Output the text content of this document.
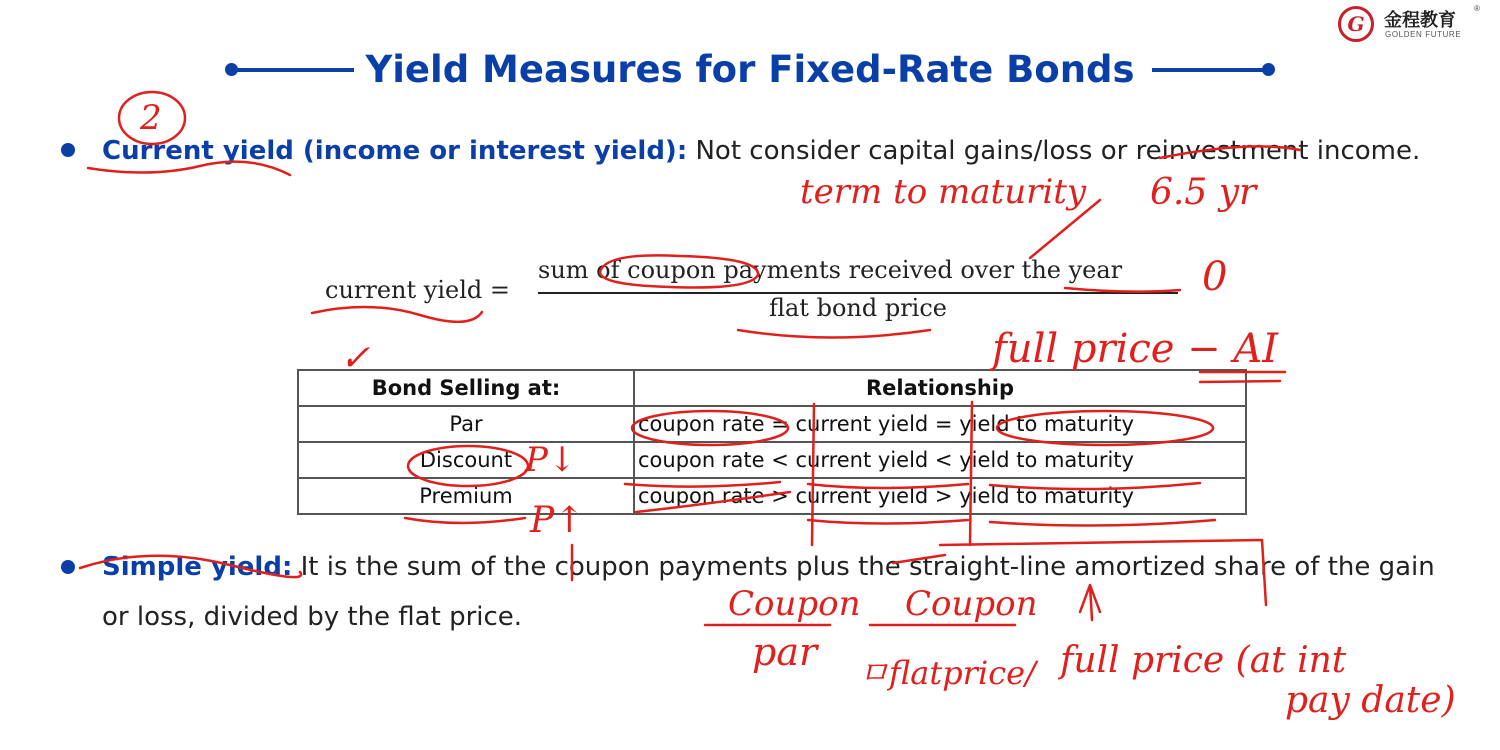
Yield Measures for Fixed-Rate Bonds
G	金程教育
®
GOLDEN FUTURE
Current yield (income or interest yield): Not consider capital gains/loss or reinvestment income.
current yield =
sum of coupon payments received over the year
flat bond price
Bond Selling at:	Relationship
Par	coupon rate = current yield = yield to maturity
Discount	coupon rate < current yield < yield to maturity
Premium	coupon rate > current yield > yield to maturity
Simple yield: It is the sum of the coupon payments plus the straight-line amortized share of the gain or loss, divided by the flat price.
2
term to maturity 6.5 yr
0
full price − AI
✓
P↓
P↑
Coupon
par
Coupon
ㅁflatprice/ full price (at int
pay date)
